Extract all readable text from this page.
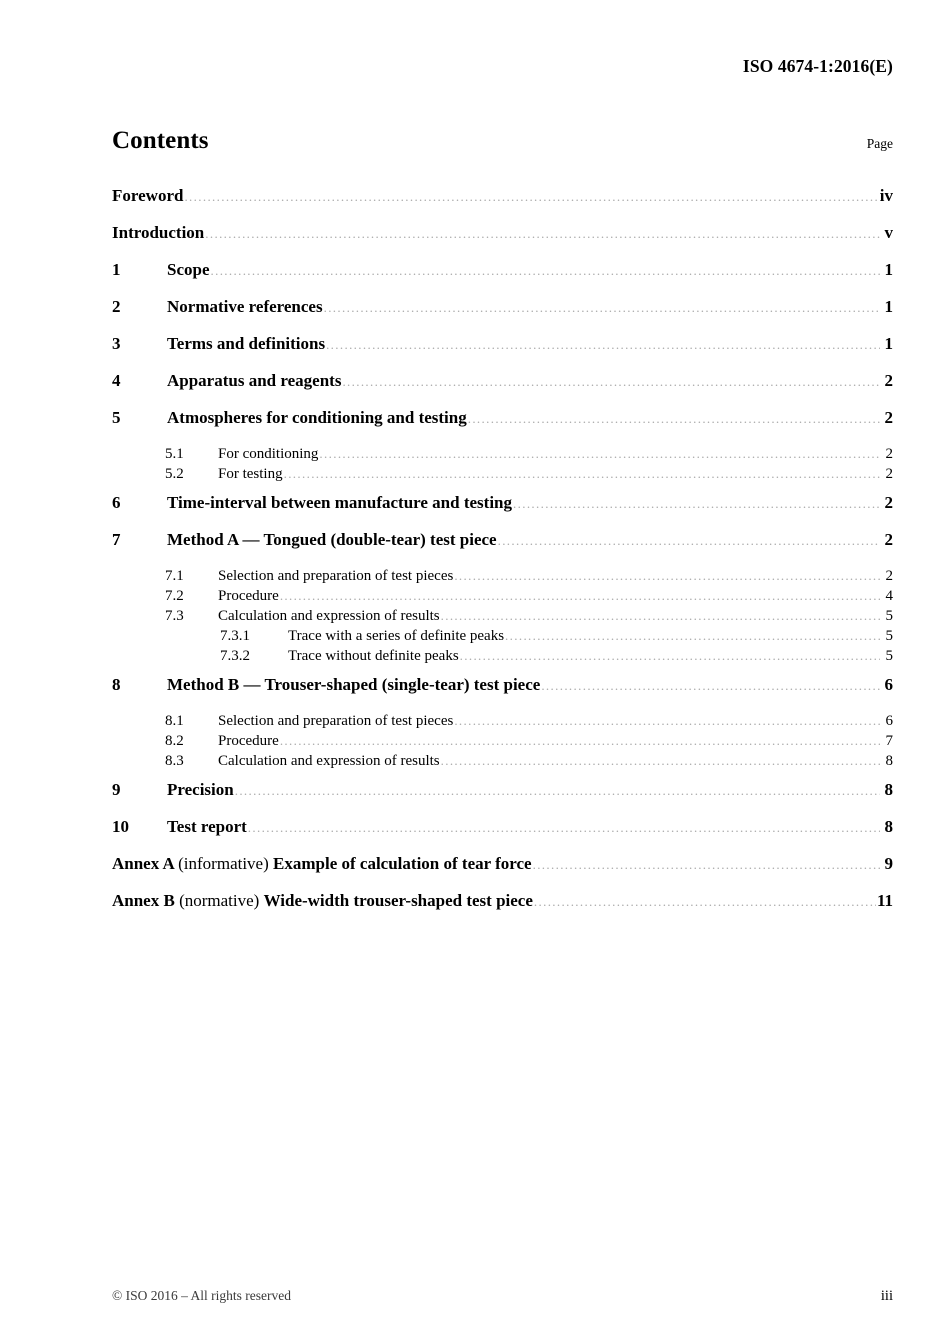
ISO 4674-1:2016(E)
Contents	Page
Foreword .....	iv
Introduction .....	v
1	Scope .....	1
2	Normative references .....	1
3	Terms and definitions .....	1
4	Apparatus and reagents .....	2
5	Atmospheres for conditioning and testing .....	2
5.1	For conditioning .....	2
5.2	For testing .....	2
6	Time-interval between manufacture and testing .....	2
7	Method A — Tongued (double-tear) test piece .....	2
7.1	Selection and preparation of test pieces .....	2
7.2	Procedure .....	4
7.3	Calculation and expression of results .....	5
7.3.1	Trace with a series of definite peaks .....	5
7.3.2	Trace without definite peaks .....	5
8	Method B — Trouser-shaped (single-tear) test piece .....	6
8.1	Selection and preparation of test pieces .....	6
8.2	Procedure .....	7
8.3	Calculation and expression of results .....	8
9	Precision .....	8
10	Test report .....	8
Annex A (informative) Example of calculation of tear force .....	9
Annex B (normative) Wide-width trouser-shaped test piece .....	11
© ISO 2016 – All rights reserved	iii
